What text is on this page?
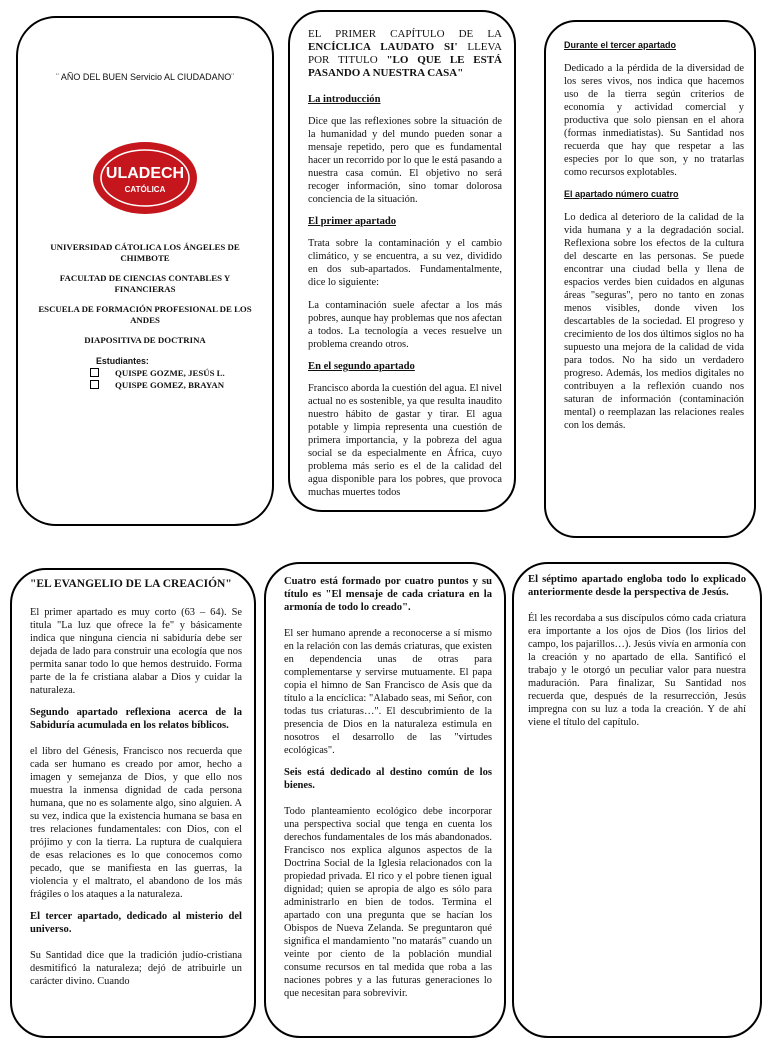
¨ AÑO DEL BUEN Servicio AL CIUDADANO¨
ULADECH
CATÓLICA
UNIVERSIDAD CÁTOLICA LOS ÁNGELES DE CHIMBOTE
FACULTAD DE CIENCIAS CONTABLES Y FINANCIERAS
ESCUELA DE FORMACIÓN PROFESIONAL DE LOS ANDES
DIAPOSITIVA DE DOCTRINA
Estudiantes:
QUISPE GOZME, JESÚS L.
QUISPE GOMEZ, BRAYAN
EL PRIMER CAPÍTULO DE LA ENCÍCLICA LAUDATO SI' LLEVA POR TITULO "LO QUE LE ESTÁ PASANDO A NUESTRA CASA"
La introducción

Dice que las reflexiones sobre la situación de la humanidad y del mundo pueden sonar a mensaje repetido, pero que es fundamental hacer un recorrido por lo que le está pasando a nuestra casa común. El objetivo no será recoger información, sino tomar dolorosa conciencia de la situación.

El primer apartado

Trata sobre la contaminación y el cambio climático, y se encuentra, a su vez, dividido en dos sub-apartados. Fundamentalmente, dice lo siguiente:

La contaminación suele afectar a los más pobres, aunque hay problemas que nos afectan a todos. La tecnología a veces resuelve un problema creando otros.

En el segundo apartado

Francisco aborda la cuestión del agua. El nivel actual no es sostenible, ya que resulta inaudito nuestro hábito de gastar y tirar. El agua potable y limpia representa una cuestión de primera importancia, y la pobreza del agua social se da especialmente en África, cuyo problema más serio es el de la calidad del agua disponible para los pobres, que provoca muchas muertes todos

Durante el tercer apartado

Dedicado a la pérdida de la diversidad de los seres vivos, nos indica que hacemos uso de la tierra según criterios de economía y actividad comercial y productiva que solo piensan en el ahora (formas inmediatistas). Su Santidad nos recuerda que hay que respetar a las especies por lo que son, y no tratarlas como recursos explotables.

El apartado número cuatro

Lo dedica al deterioro de la calidad de la vida humana y a la degradación social. Reflexiona sobre los efectos de la cultura del descarte en las personas. Se puede encontrar una ciudad bella y llena de espacios verdes bien cuidados en algunas áreas "seguras", pero no tanto en zonas menos visibles, donde viven los descartables de la sociedad. El progreso y crecimiento de los dos últimos siglos no ha supuesto una mejora de la calidad de vida para todos. No ha sido un verdadero progreso. Además, los medios digitales no contribuyen a la reflexión cuando nos saturan de información (contaminación mental) o reemplazan las relaciones reales con los demás.

"EL EVANGELIO DE LA CREACIÓN"

El primer apartado es muy corto (63 – 64). Se titula "La luz que ofrece la fe" y básicamente indica que ninguna ciencia ni sabiduría debe ser dejada de lado para construir una ecología que nos permita sanar todo lo que hemos destruido. Forma parte de la fe cristiana alabar a Dios y cuidar la naturaleza.

Segundo apartado reflexiona acerca de la Sabiduría acumulada en los relatos bíblicos.

el libro del Génesis, Francisco nos recuerda que cada ser humano es creado por amor, hecho a imagen y semejanza de Dios, y que ello nos muestra la inmensa dignidad de cada persona humana, que no es solamente algo, sino alguien. A su vez, indica que la existencia humana se basa en tres relaciones fundamentales: con Dios, con el prójimo y con la tierra. La ruptura de cualquiera de esas relaciones es lo que conocemos como pecado, que se manifiesta en las guerras, la violencia y el maltrato, el abandono de los más frágiles o los ataques a la naturaleza.

El tercer apartado, dedicado al misterio del universo.

Su Santidad dice que la tradición judío-cristiana desmitificó la naturaleza; dejó de atribuirle un carácter divino. Cuando

Cuatro está formado por cuatro puntos y su título es "El mensaje de cada criatura en la armonía de todo lo creado".

El ser humano aprende a reconocerse a sí mismo en la relación con las demás criaturas, que existen en dependencia unas de otras para complementarse y servirse mutuamente. El papa copia el himno de San Francisco de Asís que da título a la encíclica: "Alabado seas, mi Señor, con todas tus criaturas…". El descubrimiento de la presencia de Dios en la naturaleza estimula en nosotros el desarrollo de las "virtudes ecológicas".

Seis está dedicado al destino común de los bienes.

Todo planteamiento ecológico debe incorporar una perspectiva social que tenga en cuenta los derechos fundamentales de los más abandonados. Francisco nos explica algunos aspectos de la Doctrina Social de la Iglesia relacionados con la propiedad privada. El rico y el pobre tienen igual dignidad; quien se apropia de algo es sólo para administrarlo en bien de todos. Termina el apartado con una pregunta que se hacían los Obispos de Nueva Zelanda. Se preguntaron qué significa el mandamiento "no matarás" cuando un veinte por ciento de la población mundial consume recursos en tal medida que roba a las naciones pobres y a las futuras generaciones lo que necesitan para sobrevivir.

El séptimo apartado engloba todo lo explicado anteriormente desde la perspectiva de Jesús.

Él les recordaba a sus discípulos cómo cada criatura era importante a los ojos de Dios (los lirios del campo, los pajarillos…). Jesús vivía en armonía con la creación y no apartado de ella. Santificó el trabajo y le otorgó un peculiar valor para nuestra maduración. Para finalizar, Su Santidad nos recuerda que, después de la resurrección, Jesús impregna con su luz a toda la creación. Y de ahí viene el título del capítulo.
